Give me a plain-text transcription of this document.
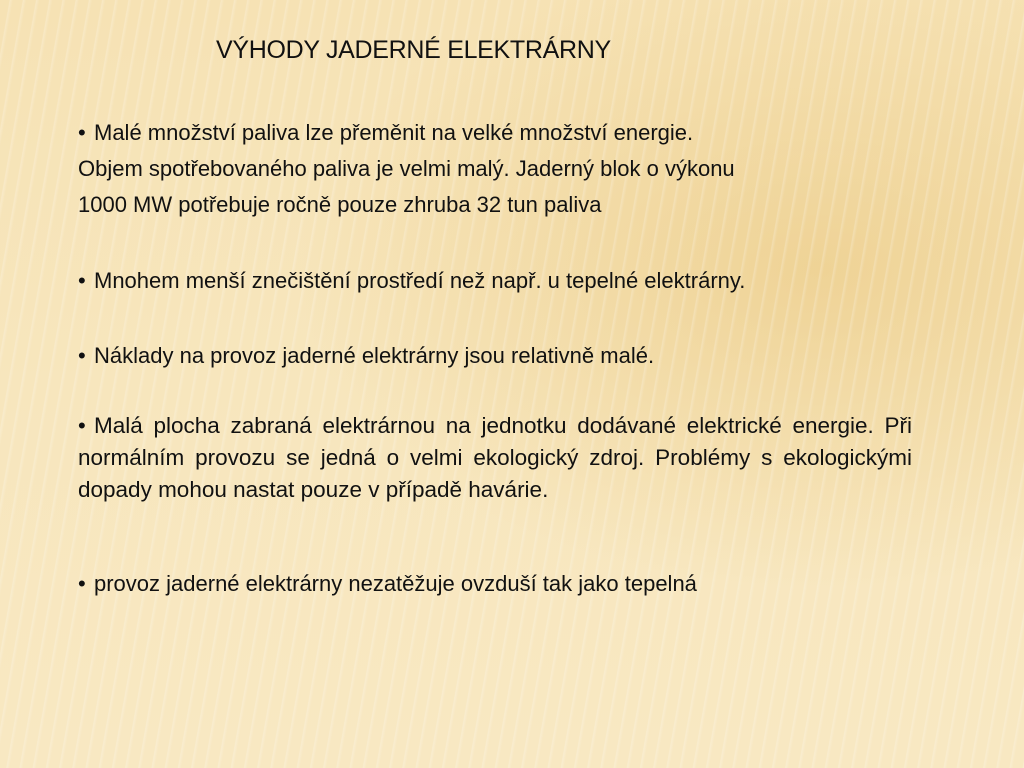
VÝHODY JADERNÉ ELEKTRÁRNY
• Malé množství paliva lze přeměnit na velké množství energie.
Objem spotřebovaného paliva je velmi malý. Jaderný blok o výkonu
1000 MW potřebuje ročně pouze zhruba 32 tun paliva
• Mnohem menší znečištění prostředí než např. u tepelné elektrárny.
• Náklady na provoz jaderné elektrárny jsou relativně malé.
• Malá plocha zabraná elektrárnou na jednotku dodávané elektrické energie. Při normálním provozu se jedná o velmi ekologický zdroj. Problémy s ekologickými dopady mohou nastat pouze v případě havárie.
• provoz jaderné elektrárny nezatěžuje ovzduší tak jako tepelná
